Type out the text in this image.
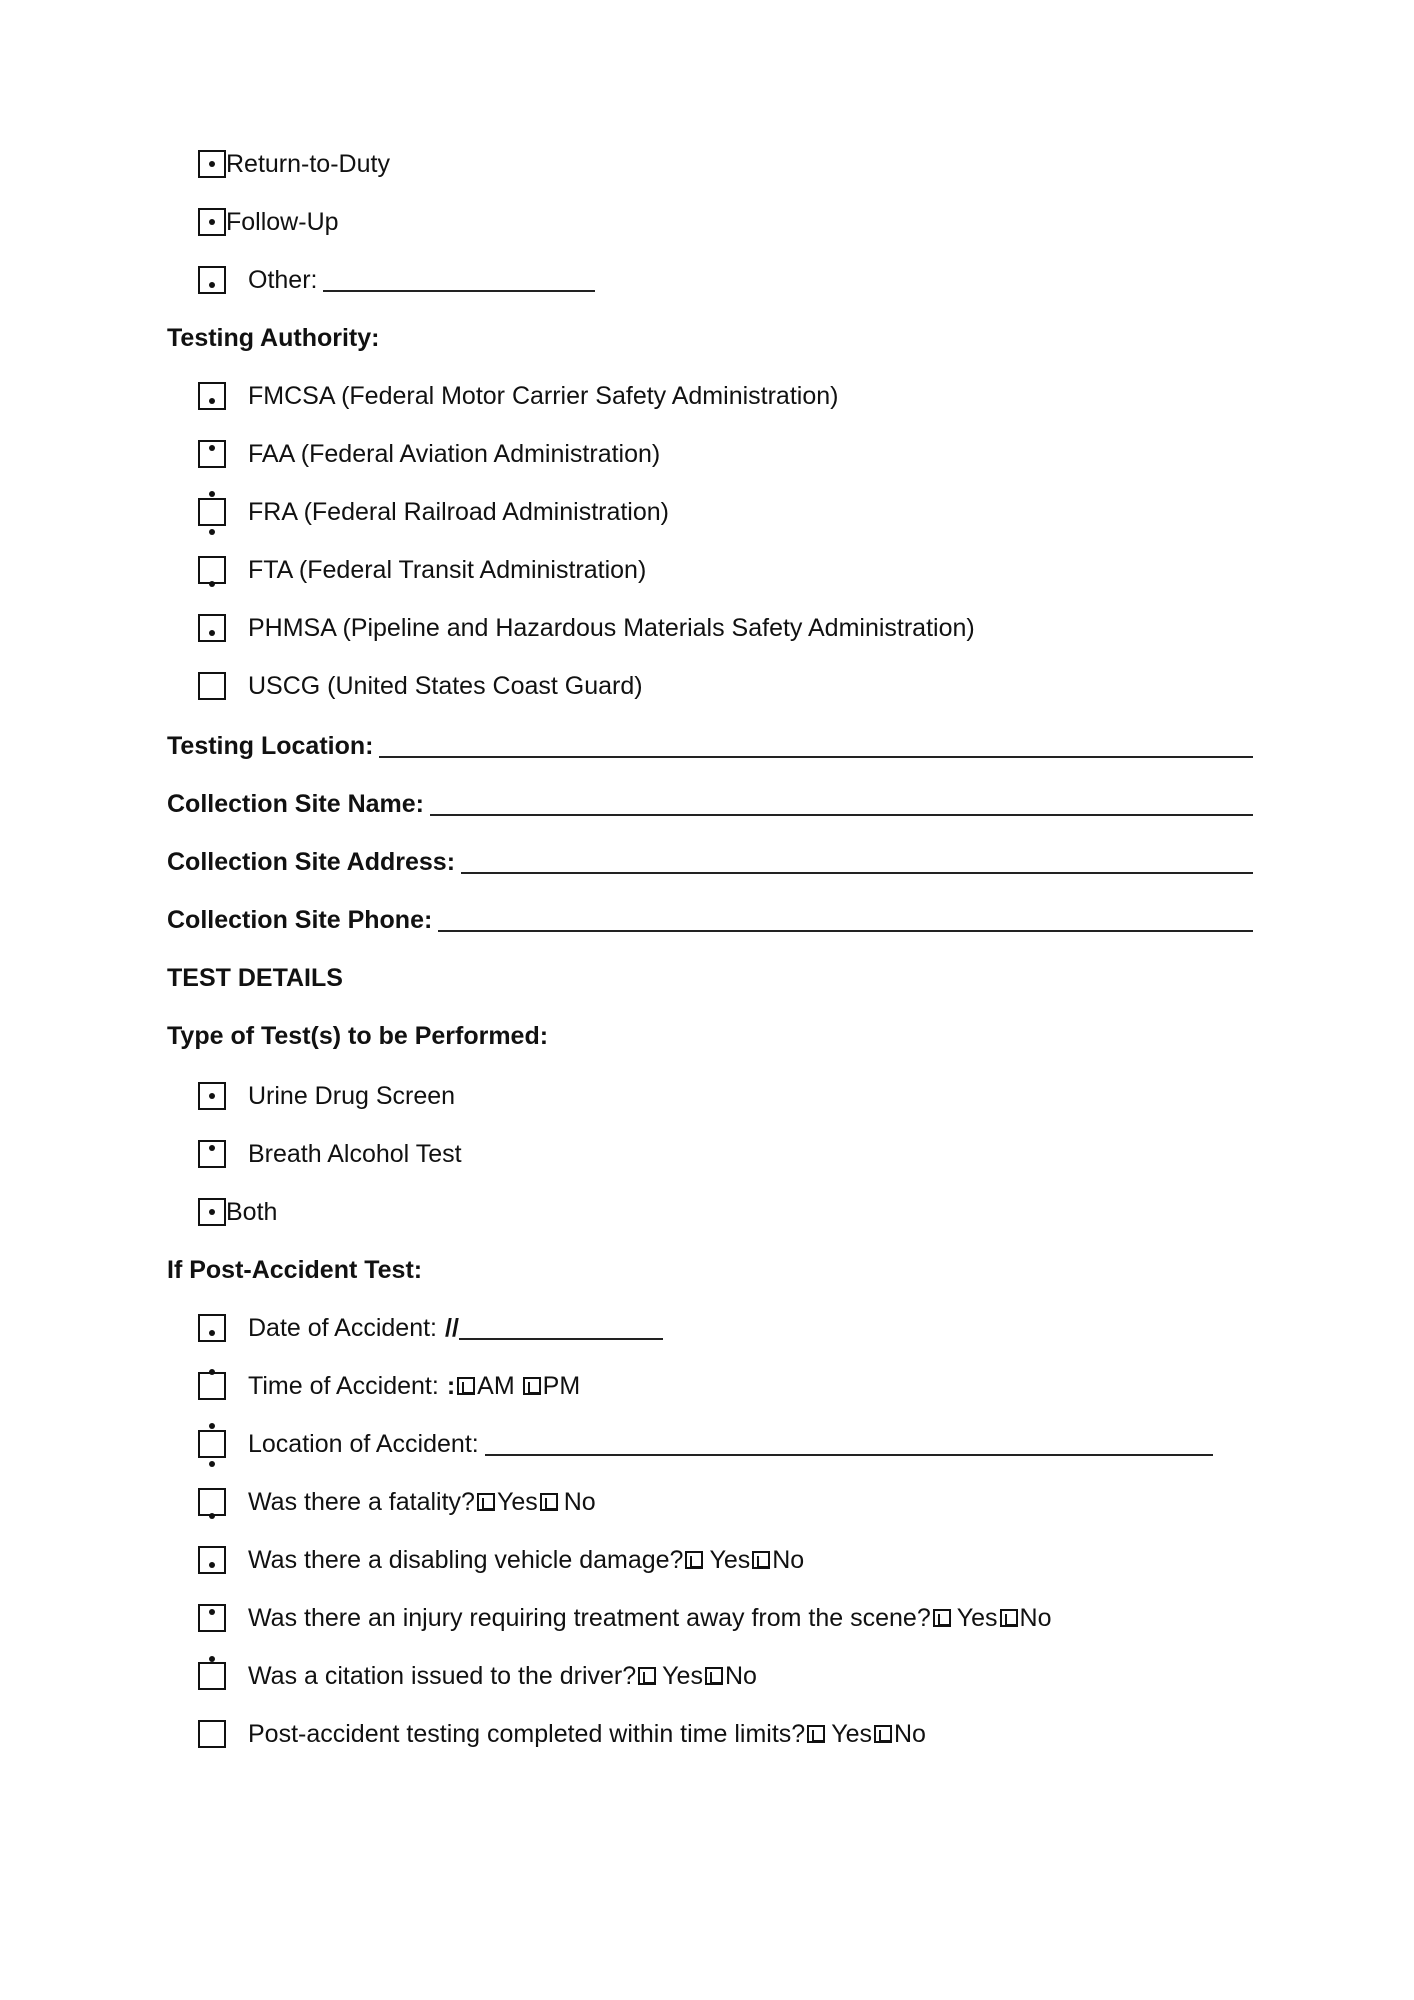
Return-to-Duty
Follow-Up
Other:
Testing Authority:
FMCSA (Federal Motor Carrier Safety Administration)
FAA (Federal Aviation Administration)
FRA (Federal Railroad Administration)
FTA (Federal Transit Administration)
PHMSA (Pipeline and Hazardous Materials Safety Administration)
USCG (United States Coast Guard)
Testing Location:
Collection Site Name:
Collection Site Address:
Collection Site Phone:
TEST DETAILS
Type of Test(s) to be Performed:
Urine Drug Screen
Breath Alcohol Test
Both
If Post-Accident Test:
Date of Accident: //
Time of Accident: : AM PM
Location of Accident:
Was there a fatality? Yes No
Was there a disabling vehicle damage? Yes No
Was there an injury requiring treatment away from the scene? Yes No
Was a citation issued to the driver? Yes No
Post-accident testing completed within time limits? Yes No
